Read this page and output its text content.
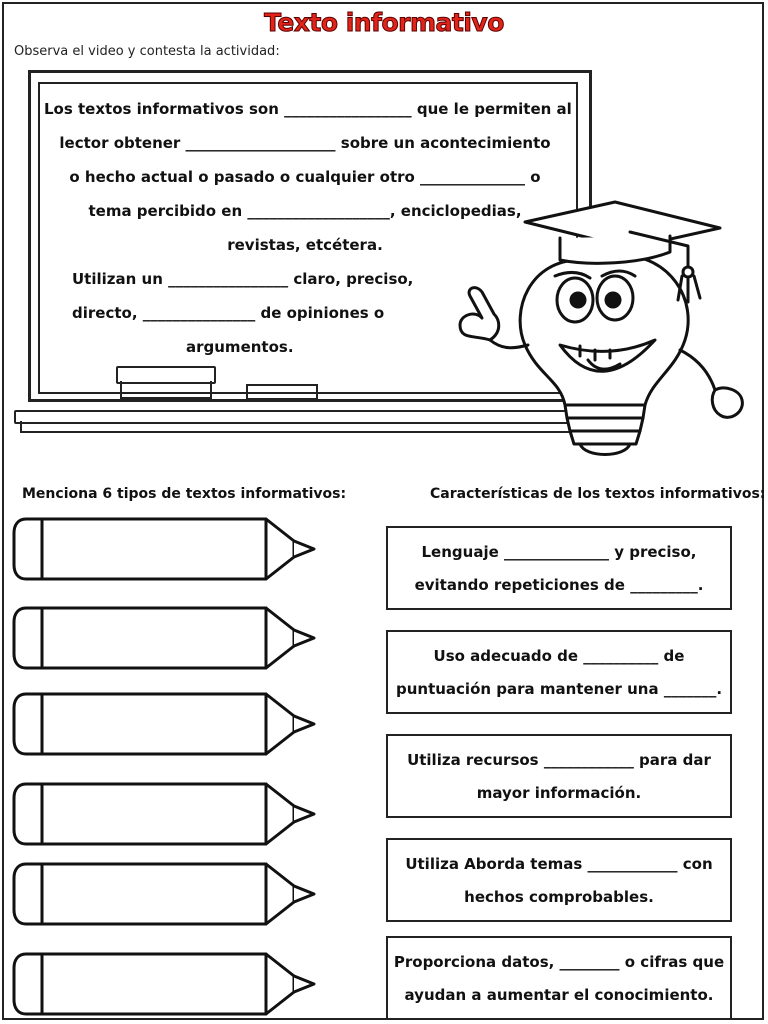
Texto informativo
Observa el video y contesta la actividad:
Los textos informativos son _________________ que le permiten al
lector obtener ____________________ sobre un acontecimiento
o hecho actual o pasado o cualquier otro ______________ o
tema percibido en ___________________, enciclopedias,
revistas, etcétera.
Utilizan un ________________ claro, preciso,
directo, _______________ de opiniones o
argumentos.
Menciona 6 tipos de textos informativos:	Características de los textos informativos:
Lenguaje ______________ y preciso,
evitando repeticiones de _________.
Uso adecuado de __________ de
puntuación para mantener una _______.
Utiliza recursos ____________ para dar
mayor información.
Utiliza Aborda temas ____________ con
hechos comprobables.
Proporciona datos, ________ o cifras que
ayudan a aumentar el conocimiento.
